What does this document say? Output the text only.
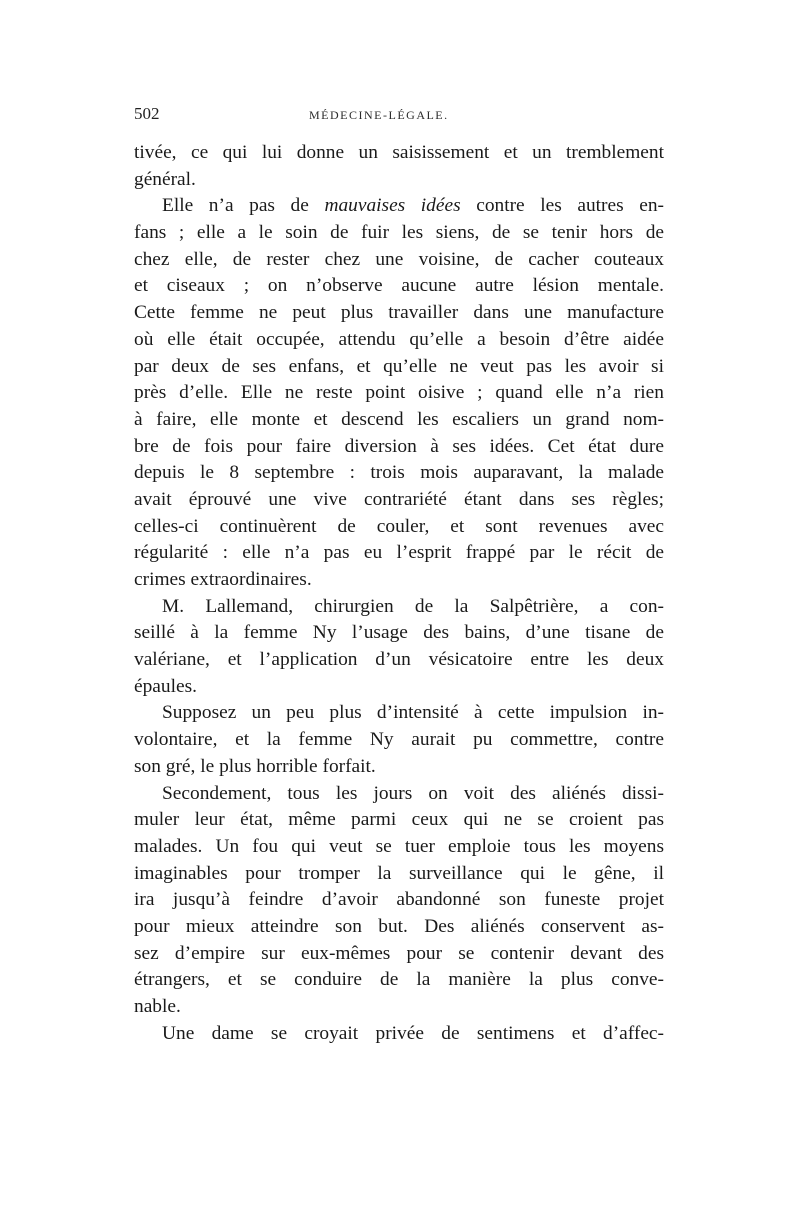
502	MÉDECINE-LÉGALE.
tivée, ce qui lui donne un saisissement et un tremblement
général.
Elle n’a pas de mauvaises idées contre les autres en-
fans ; elle a le soin de fuir les siens, de se tenir hors de
chez elle, de rester chez une voisine, de cacher couteaux
et ciseaux ; on n’observe aucune autre lésion mentale.
Cette femme ne peut plus travailler dans une manufacture
où elle était occupée, attendu qu’elle a besoin d’être aidée
par deux de ses enfans, et qu’elle ne veut pas les avoir si
près d’elle. Elle ne reste point oisive ; quand elle n’a rien
à faire, elle monte et descend les escaliers un grand nom-
bre de fois pour faire diversion à ses idées. Cet état dure
depuis le 8 septembre : trois mois auparavant, la malade
avait éprouvé une vive contrariété étant dans ses règles;
celles-ci continuèrent de couler, et sont revenues avec
régularité : elle n’a pas eu l’esprit frappé par le récit de
crimes extraordinaires.
M. Lallemand, chirurgien de la Salpêtrière, a con-
seillé à la femme Ny l’usage des bains, d’une tisane de
valériane, et l’application d’un vésicatoire entre les deux
épaules.
Supposez un peu plus d’intensité à cette impulsion in-
volontaire, et la femme Ny aurait pu commettre, contre
son gré, le plus horrible forfait.
Secondement, tous les jours on voit des aliénés dissi-
muler leur état, même parmi ceux qui ne se croient pas
malades. Un fou qui veut se tuer emploie tous les moyens
imaginables pour tromper la surveillance qui le gêne, il
ira jusqu’à feindre d’avoir abandonné son funeste projet
pour mieux atteindre son but. Des aliénés conservent as-
sez d’empire sur eux-mêmes pour se contenir devant des
étrangers, et se conduire de la manière la plus conve-
nable.
Une dame se croyait privée de sentimens et d’affec-
